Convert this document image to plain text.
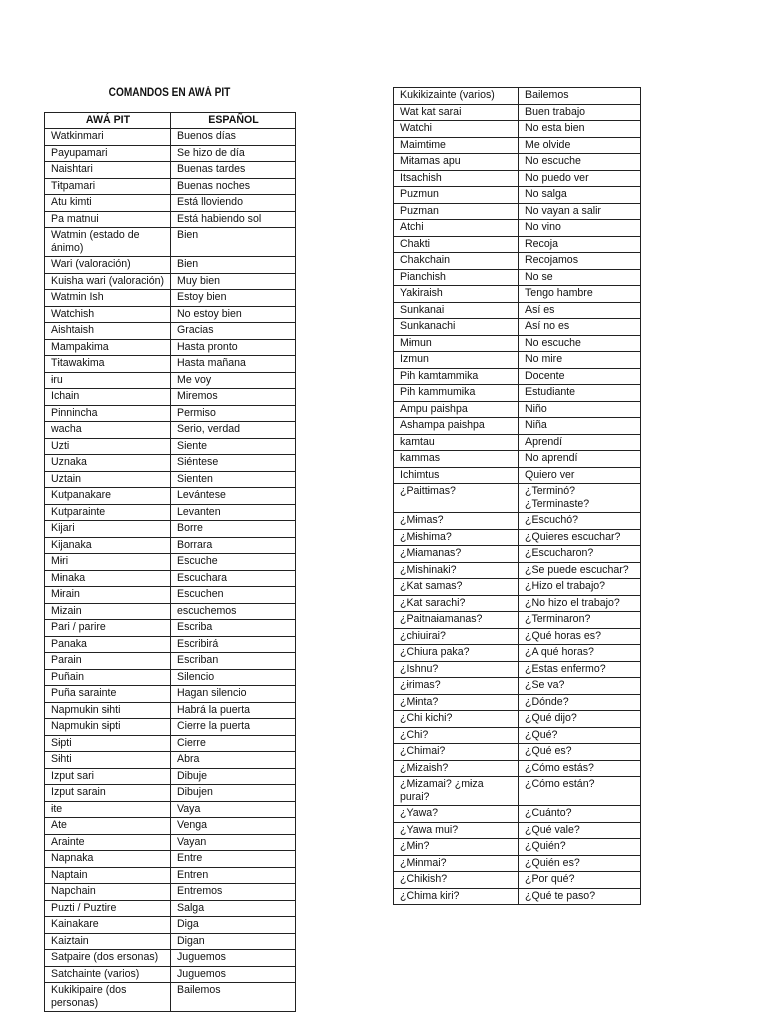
COMANDOS EN AWÁ PIT
AWÁ PIT	ESPAÑOL
Watkinmari	Buenos días
Payupamari	Se hizo de día
Naishtari	Buenas tardes
Tɨtpamari	Buenas noches
Atu kimti	Está lloviendo
Pa matnui	Está habiendo sol
Watmin (estado de ánimo)	Bien
Wari (valoración)	Bien
Kuisha wari (valoración)	Muy bien
Watmin Ish	Estoy bien
Watchish	No estoy bien
Aishtaish	Gracias
Mampakima	Hasta pronto
Tɨtawakima	Hasta mañana
ɨru	Me voy
Ichain	Miremos
Pinnincha	Permiso
wacha	Serio, verdad
Uzti	Siente
Uznaka	Siéntese
Uztain	Sienten
Kutpanakare	Levántese
Kutparainte	Levanten
Kijari	Borre
Kijanaka	Borrara
Mɨri	Escuche
Mɨnaka	Escuchara
Mɨrain	Escuchen
Mɨzain	escuchemos
Pari / parire	Escriba
Panaka	Escribirá
Parain	Escriban
Puñain	Silencio
Puña sarainte	Hagan silencio
Napmukin sɨhti	Habrá la puerta
Napmukin sɨpti	Cierre la puerta
Sɨpti	Cierre
Sɨhti	Abra
Izput sari	Dibuje
Izput sarain	Dibujen
ɨte	Vaya
Ate	Venga
Arainte	Vayan
Napnaka	Entre
Naptain	Entren
Napchain	Entremos
Puzti / Puztire	Salga
Kainakare	Diga
Kaiztain	Digan
Satpaire (dos ersonas)	Juguemos
Satchainte (varios)	Juguemos
Kukikipaire (dos personas)	Bailemos
Kukikizainte (varios)	Bailemos
Wat kat sarai	Buen trabajo
Watchi	No esta bien
Maimtɨme	Me olvide
Mɨtamas apu	No escuche
Itsachish	No puedo ver
Puzmun	No salga
Puzman	No vayan a salir
Atchi	No vino
Chakti	Recoja
Chakchain	Recojamos
Pianchish	No se
Yakiraish	Tengo hambre
Sunkanai	Así es
Sunkanachi	Así no es
Mɨmun	No escuche
Izmun	No mire
Pih kamtammika	Docente
Pih kammumika	Estudiante
Ampu paishpa	Niño
Ashampa paishpa	Niña
kamtau	Aprendí
kammas	No aprendí
Ichimtus	Quiero ver
¿Paittɨmas?	¿Terminó? ¿Terminaste?
¿Mɨmas?	¿Escuchó?
¿Mɨshima?	¿Quieres escuchar?
¿Mɨamanas?	¿Escucharon?
¿Mishinaki?	¿Se puede escuchar?
¿Kat samas?	¿Hizo el trabajo?
¿Kat sarachi?	¿No hizo el trabajo?
¿Paitnaɨamanas?	¿Terminaron?
¿chiuirai?	¿Qué horas es?
¿Chiura paka?	¿A qué horas?
¿Ishnu?	¿Estas enfermo?
¿ɨrimas?	¿Se va?
¿Mɨnta?	¿Dónde?
¿Chi kichi?	¿Qué dijo?
¿Chi?	¿Qué?
¿Chimai?	¿Qué es?
¿Mɨzaish?	¿Cómo estás?
¿Mɨzamai? ¿mɨza purai?	¿Cómo están?
¿Yawa?	¿Cuánto?
¿Yawa mui?	¿Qué vale?
¿Mɨn?	¿Quién?
¿Mɨnmai?	¿Quién es?
¿Chikish?	¿Por qué?
¿Chima kiri?	¿Qué te paso?
